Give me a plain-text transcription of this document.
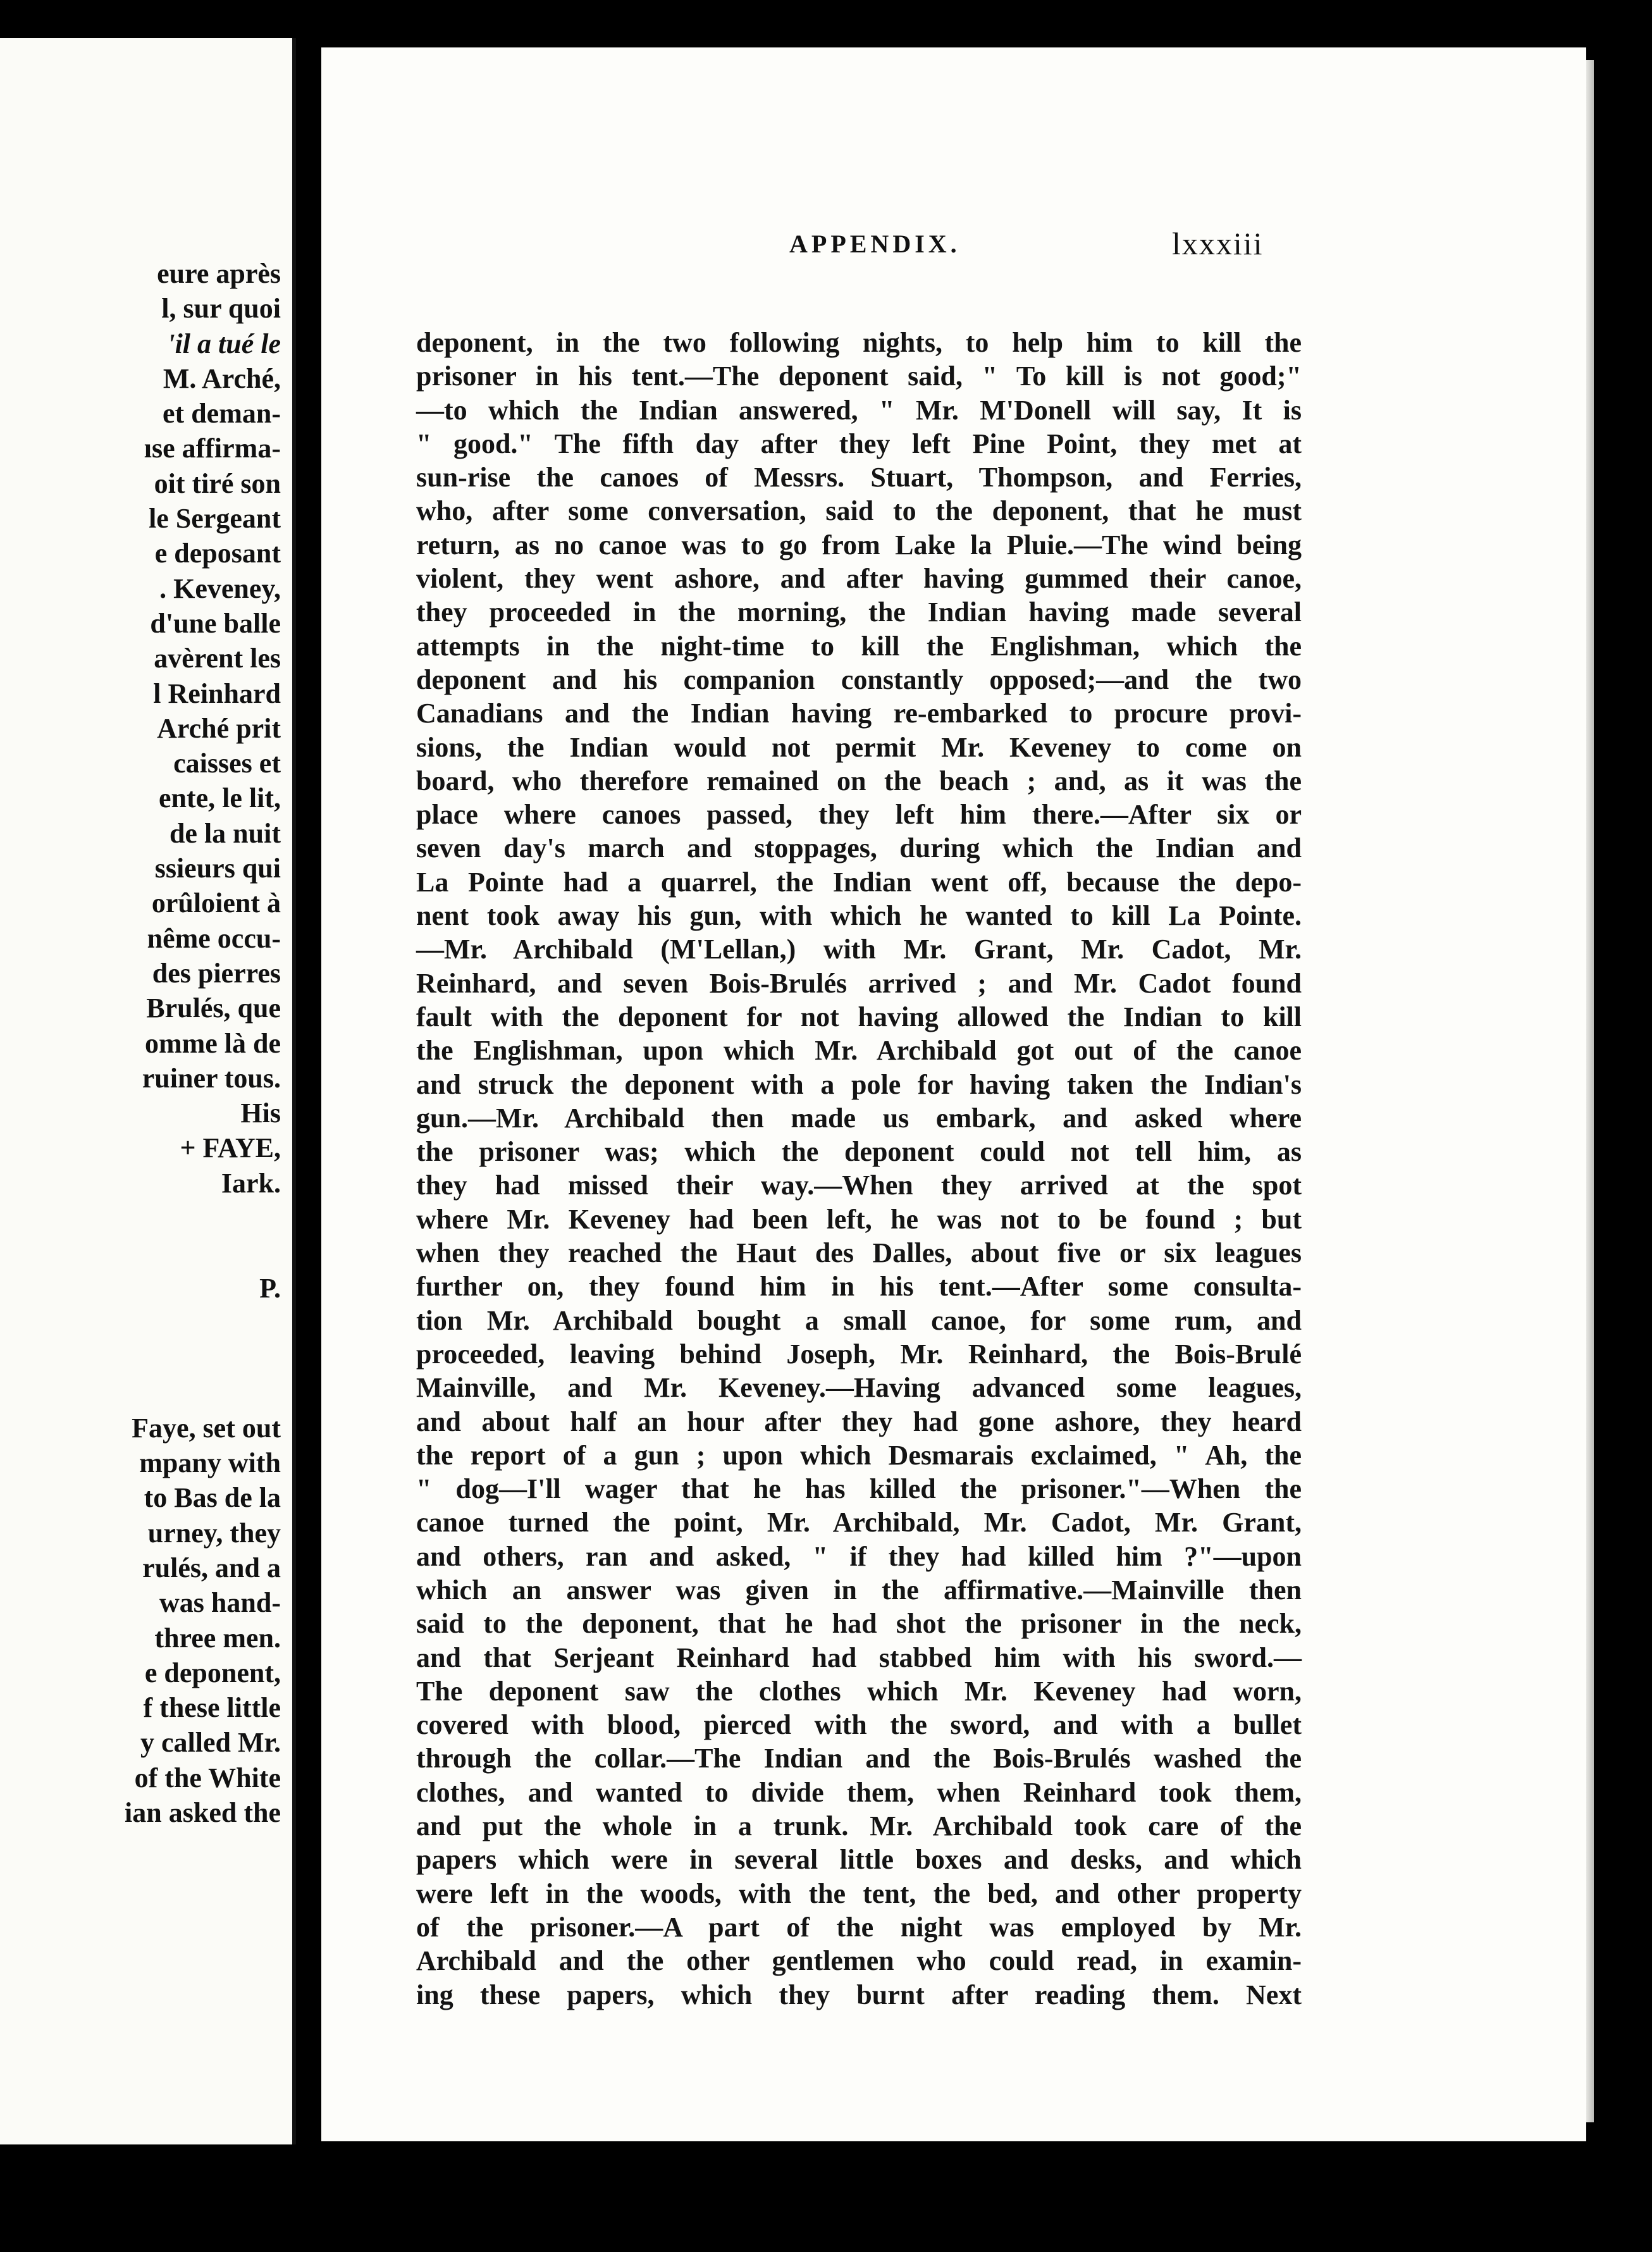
eure après
l, sur quoi
'il a tué le
M. Arché,
et deman-
ıse affirma-
oit tiré son
le Sergeant
e deposant
. Keveney,
d'une balle
avèrent les
l Reinhard
Arché prit
caisses et
ente, le lit,
de la nuit
ssieurs qui
orûloient à
nême occu-
des pierres
Brulés, que
omme là de
ruiner tous.
His
+ FAYE,
Iark.
P.
Faye, set out
mpany with
to Bas de la
urney, they
rulés, and a
was hand-
three men.
e deponent,
f these little
y called Mr.
of the White
ian asked the
APPENDIX.	lxxxiii
deponent, in the two following nights, to help him to kill the
prisoner in his tent.—The deponent said, " To kill is not good;"
—to which the Indian answered, " Mr. M'Donell will say, It is
" good." The fifth day after they left Pine Point, they met at
sun-rise the canoes of Messrs. Stuart, Thompson, and Ferries,
who, after some conversation, said to the deponent, that he must
return, as no canoe was to go from Lake la Pluie.—The wind being
violent, they went ashore, and after having gummed their canoe,
they proceeded in the morning, the Indian having made several
attempts in the night-time to kill the Englishman, which the
deponent and his companion constantly opposed;—and the two
Canadians and the Indian having re-embarked to procure provi-
sions, the Indian would not permit Mr. Keveney to come on
board, who therefore remained on the beach ; and, as it was the
place where canoes passed, they left him there.—After six or
seven day's march and stoppages, during which the Indian and
La Pointe had a quarrel, the Indian went off, because the depo-
nent took away his gun, with which he wanted to kill La Pointe.
—Mr. Archibald (M'Lellan,) with Mr. Grant, Mr. Cadot, Mr.
Reinhard, and seven Bois-Brulés arrived ; and Mr. Cadot found
fault with the deponent for not having allowed the Indian to kill
the Englishman, upon which Mr. Archibald got out of the canoe
and struck the deponent with a pole for having taken the Indian's
gun.—Mr. Archibald then made us embark, and asked where
the prisoner was; which the deponent could not tell him, as
they had missed their way.—When they arrived at the spot
where Mr. Keveney had been left, he was not to be found ; but
when they reached the Haut des Dalles, about five or six leagues
further on, they found him in his tent.—After some consulta-
tion Mr. Archibald bought a small canoe, for some rum, and
proceeded, leaving behind Joseph, Mr. Reinhard, the Bois-Brulé
Mainville, and Mr. Keveney.—Having advanced some leagues,
and about half an hour after they had gone ashore, they heard
the report of a gun ; upon which Desmarais exclaimed, " Ah, the
" dog—I'll wager that he has killed the prisoner."—When the
canoe turned the point, Mr. Archibald, Mr. Cadot, Mr. Grant,
and others, ran and asked, " if they had killed him ?"—upon
which an answer was given in the affirmative.—Mainville then
said to the deponent, that he had shot the prisoner in the neck,
and that Serjeant Reinhard had stabbed him with his sword.—
The deponent saw the clothes which Mr. Keveney had worn,
covered with blood, pierced with the sword, and with a bullet
through the collar.—The Indian and the Bois-Brulés washed the
clothes, and wanted to divide them, when Reinhard took them,
and put the whole in a trunk. Mr. Archibald took care of the
papers which were in several little boxes and desks, and which
were left in the woods, with the tent, the bed, and other property
of the prisoner.—A part of the night was employed by Mr.
Archibald and the other gentlemen who could read, in examin-
ing these papers, which they burnt after reading them. Next
